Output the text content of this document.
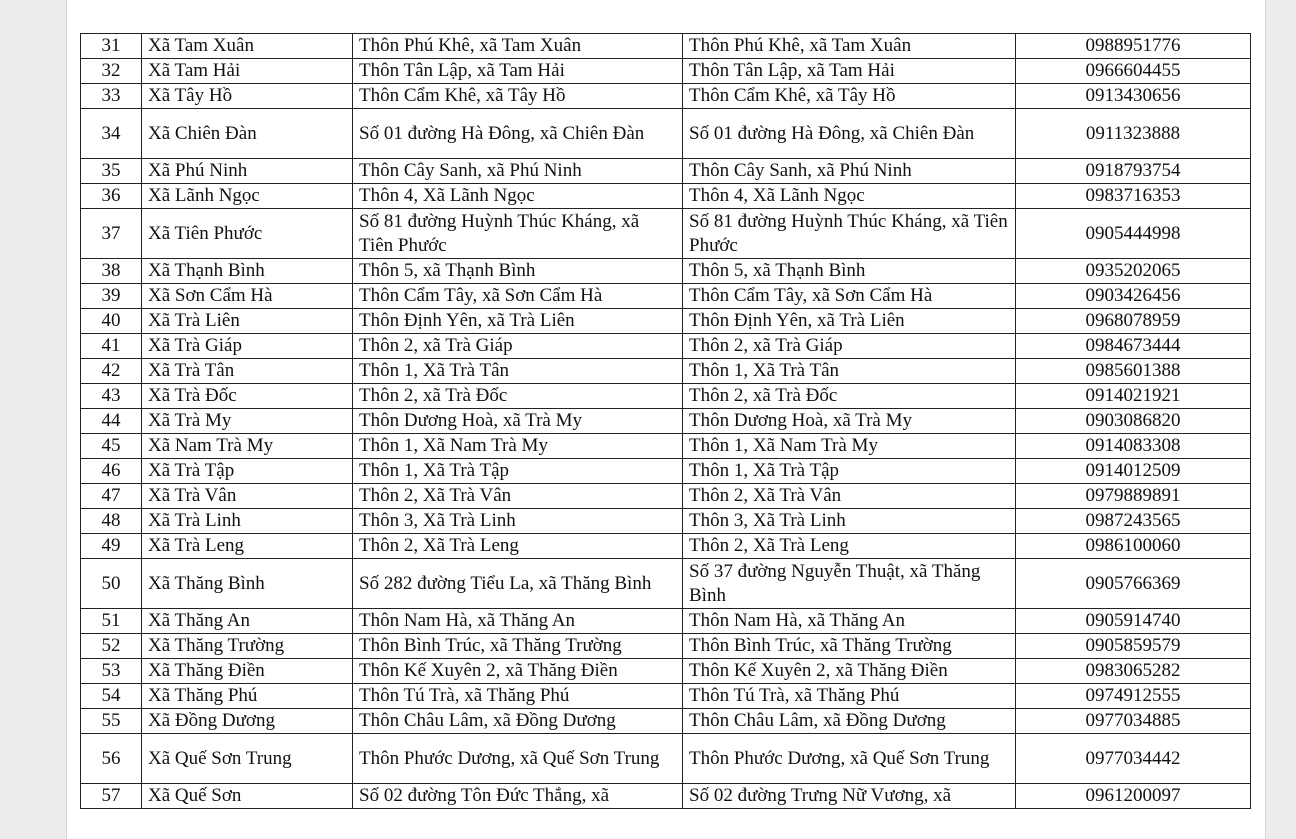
31	Xã Tam Xuân	Thôn Phú Khê, xã Tam Xuân	Thôn Phú Khê, xã Tam Xuân	0988951776
32	Xã Tam Hải	Thôn Tân Lập, xã Tam Hải	Thôn Tân Lập, xã Tam Hải	0966604455
33	Xã Tây Hồ	Thôn Cẩm Khê, xã Tây Hồ	Thôn Cẩm Khê, xã Tây Hồ	0913430656
34	Xã Chiên Đàn	Số 01 đường Hà Đông, xã Chiên Đàn	Số 01 đường Hà Đông, xã Chiên Đàn	0911323888
35	Xã Phú Ninh	Thôn Cây Sanh, xã Phú Ninh	Thôn Cây Sanh, xã Phú Ninh	0918793754
36	Xã Lãnh Ngọc	Thôn 4, Xã Lãnh Ngọc	Thôn 4, Xã Lãnh Ngọc	0983716353
37	Xã Tiên Phước	Số 81 đường Huỳnh Thúc Kháng, xã Tiên Phước	Số 81 đường Huỳnh Thúc Kháng, xã Tiên Phước	0905444998
38	Xã Thạnh Bình	Thôn 5, xã Thạnh Bình	Thôn 5, xã Thạnh Bình	0935202065
39	Xã Sơn Cẩm Hà	Thôn Cẩm Tây, xã Sơn Cẩm Hà	Thôn Cẩm Tây, xã Sơn Cẩm Hà	0903426456
40	Xã Trà Liên	Thôn Định Yên, xã Trà Liên	Thôn Định Yên, xã Trà Liên	0968078959
41	Xã Trà Giáp	Thôn 2, xã Trà Giáp	Thôn 2, xã Trà Giáp	0984673444
42	Xã Trà Tân	Thôn 1, Xã Trà Tân	Thôn 1, Xã Trà Tân	0985601388
43	Xã Trà Đốc	Thôn 2, xã Trà Đốc	Thôn 2, xã Trà Đốc	0914021921
44	Xã Trà My	Thôn Dương Hoà, xã Trà My	Thôn Dương Hoà, xã Trà My	0903086820
45	Xã Nam Trà My	Thôn 1, Xã Nam Trà My	Thôn 1, Xã Nam Trà My	0914083308
46	Xã Trà Tập	Thôn 1, Xã Trà Tập	Thôn 1, Xã Trà Tập	0914012509
47	Xã Trà Vân	Thôn 2, Xã Trà Vân	Thôn 2, Xã Trà Vân	0979889891
48	Xã Trà Linh	Thôn 3, Xã Trà Linh	Thôn 3, Xã Trà Linh	0987243565
49	Xã Trà Leng	Thôn 2, Xã Trà Leng	Thôn 2, Xã Trà Leng	0986100060
50	Xã Thăng Bình	Số 282 đường Tiểu La, xã Thăng Bình	Số 37 đường Nguyễn Thuật, xã Thăng Bình	0905766369
51	Xã Thăng An	Thôn Nam Hà, xã Thăng An	Thôn Nam Hà, xã Thăng An	0905914740
52	Xã Thăng Trường	Thôn Bình Trúc, xã Thăng Trường	Thôn Bình Trúc, xã Thăng Trường	0905859579
53	Xã Thăng Điền	Thôn Kế Xuyên 2, xã Thăng Điền	Thôn Kế Xuyên 2, xã Thăng Điền	0983065282
54	Xã Thăng Phú	Thôn Tú Trà, xã Thăng Phú	Thôn Tú Trà, xã Thăng Phú	0974912555
55	Xã Đồng Dương	Thôn Châu Lâm, xã Đồng Dương	Thôn Châu Lâm, xã Đồng Dương	0977034885
56	Xã Quế Sơn Trung	Thôn Phước Dương, xã Quế Sơn Trung	Thôn Phước Dương, xã Quế Sơn Trung	0977034442
57	Xã Quế Sơn	Số 02 đường Tôn Đức Thắng, xã	Số 02 đường Trưng Nữ Vương, xã	0961200097
